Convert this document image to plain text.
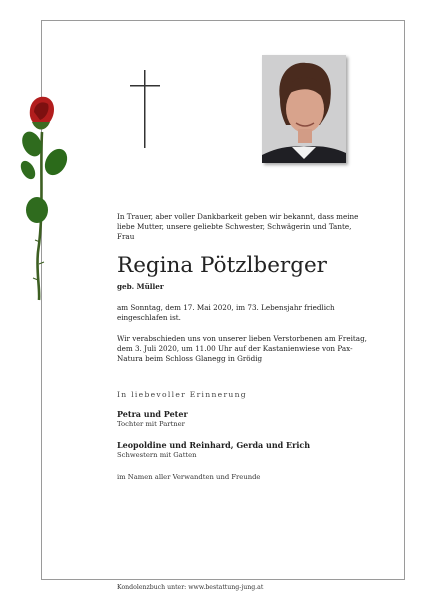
In Trauer, aber voller Dankbarkeit geben wir bekannt, dass meine liebe Mutter, unsere geliebte Schwester, Schwägerin und Tante, Frau
Regina Pötzlberger
geb. Müller
am Sonntag, dem 17. Mai 2020, im 73. Lebensjahr friedlich eingeschlafen ist.
Wir verabschieden uns von unserer lieben Verstorbenen am Freitag, dem 3. Juli 2020, um 11.00 Uhr auf der Kastanienwiese von Pax-Natura beim Schloss Glanegg in Grödig
In liebevoller Erinnerung
Petra und Peter
Tochter mit Partner
Leopoldine und Reinhard, Gerda und Erich
Schwestern mit Gatten
im Namen aller Verwandten und Freunde
Kondolenzbuch unter: www.bestattung-jung.at
